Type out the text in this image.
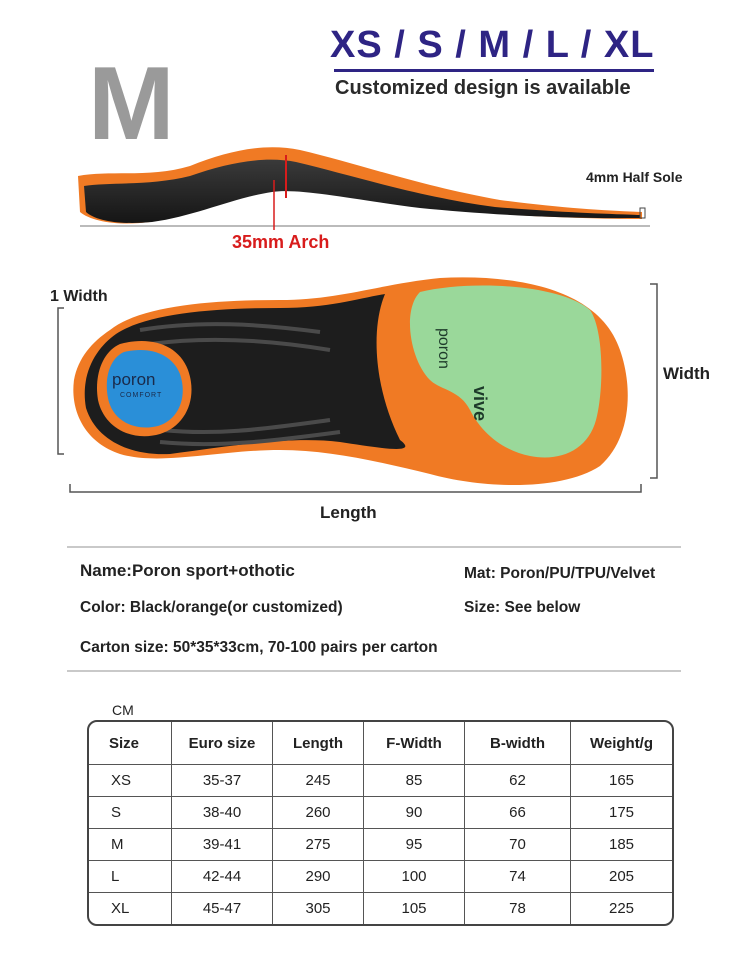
M
XS / S / M / L / XL
Customized design is available
4mm Half Sole
35mm Arch
1 Width
Width
Length
poron
COMFORT
poron
vive
Name:Poron sport+othotic	Mat: Poron/PU/TPU/Velvet
Color: Black/orange(or customized)	Size: See below
Carton size: 50*35*33cm, 70-100 pairs per carton
CM
Size	Euro size	Length	F-Width	B-width	Weight/g
XS	35-37	245	85	62	165
S	38-40	260	90	66	175
M	39-41	275	95	70	185
L	42-44	290	100	74	205
XL	45-47	305	105	78	225
